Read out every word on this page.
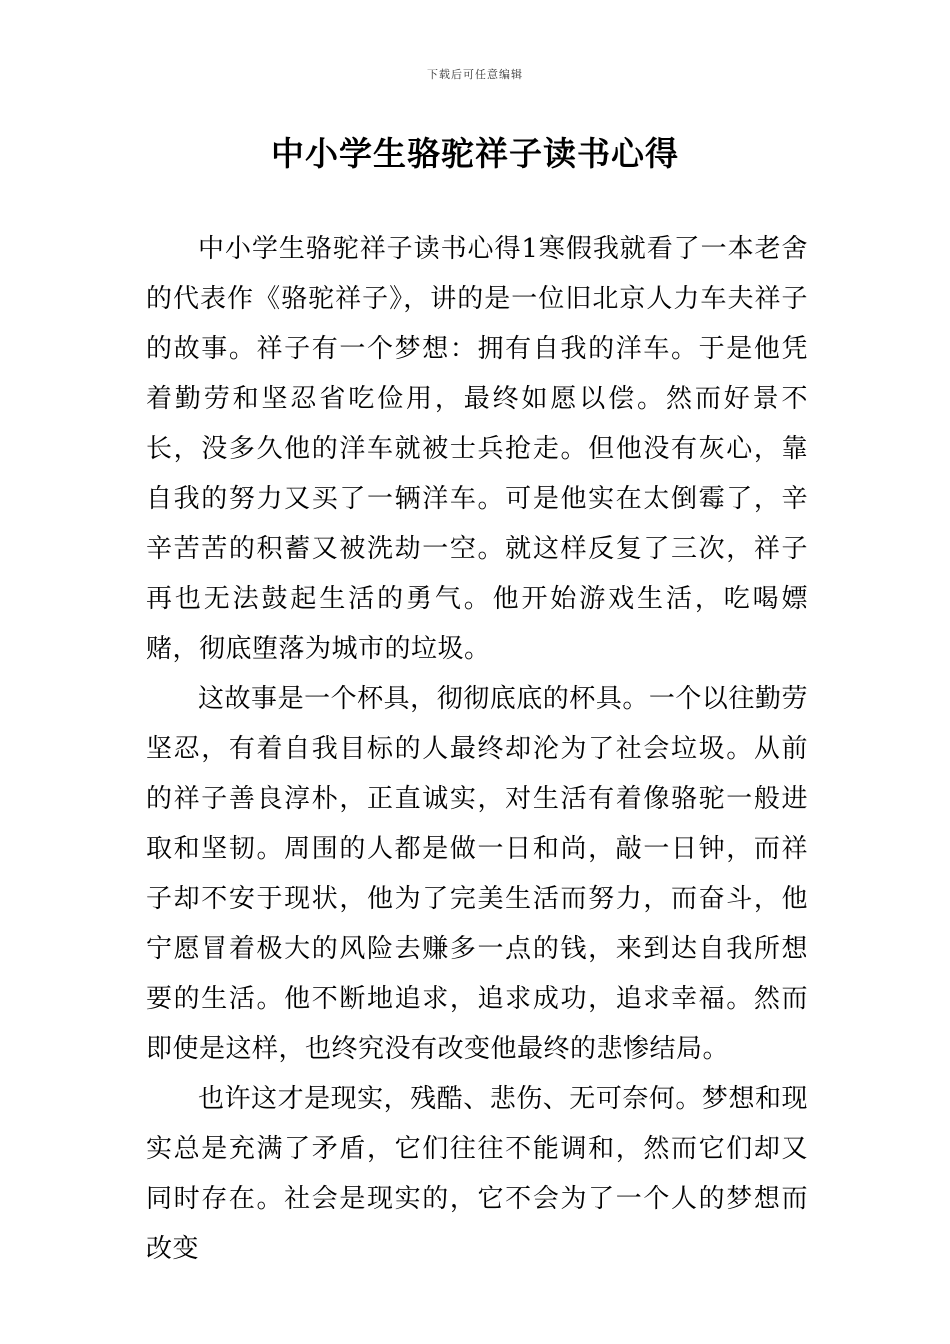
下载后可任意编辑
中小学生骆驼祥子读书心得

中小学生骆驼祥子读书心得1寒假我就看了一本老舍的代表作《骆驼祥子》，讲的是一位旧北京人力车夫祥子的故事。祥子有一个梦想：拥有自我的洋车。于是他凭着勤劳和坚忍省吃俭用，最终如愿以偿。然而好景不长，没多久他的洋车就被士兵抢走。但他没有灰心，靠自我的努力又买了一辆洋车。可是他实在太倒霉了，辛辛苦苦的积蓄又被洗劫一空。就这样反复了三次，祥子再也无法鼓起生活的勇气。他开始游戏生活，吃喝嫖赌，彻底堕落为城市的垃圾。

这故事是一个杯具，彻彻底底的杯具。一个以往勤劳坚忍，有着自我目标的人最终却沦为了社会垃圾。从前的祥子善良淳朴，正直诚实，对生活有着像骆驼一般进取和坚韧。周围的人都是做一日和尚，敲一日钟，而祥子却不安于现状，他为了完美生活而努力，而奋斗，他宁愿冒着极大的风险去赚多一点的钱，来到达自我所想要的生活。他不断地追求，追求成功，追求幸福。然而即使是这样，也终究没有改变他最终的悲惨结局。

也许这才是现实，残酷、悲伤、无可奈何。梦想和现实总是充满了矛盾，它们往往不能调和，然而它们却又同时存在。社会是现实的，它不会为了一个人的梦想而改变
